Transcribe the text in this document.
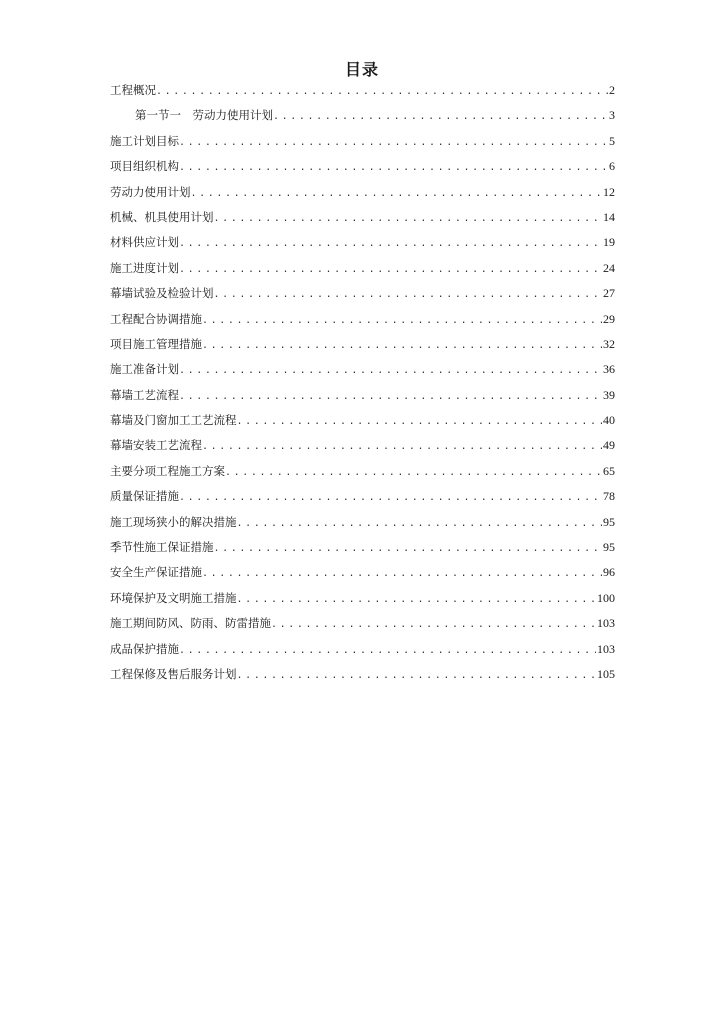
目录
工程概况 .....	2
第一节一　劳动力使用计划 .....	3
施工计划目标 .....	5
项目组织机构 .....	6
劳动力使用计划 .....	12
机械、机具使用计划 .....	14
材料供应计划 .....	19
施工进度计划 .....	24
幕墙试验及检验计划 .....	27
工程配合协调措施 .....	29
项目施工管理措施 .....	32
施工准备计划 .....	36
幕墙工艺流程 .....	39
幕墙及门窗加工工艺流程 .....	40
幕墙安装工艺流程 .....	49
主要分项工程施工方案 .....	65
质量保证措施 .....	78
施工现场狭小的解决措施 .....	95
季节性施工保证措施 .....	95
安全生产保证措施 .....	96
环境保护及文明施工措施 .....	100
施工期间防风、防雨、防雷措施 .....	103
成品保护措施 .....	103
工程保修及售后服务计划 .....	105
